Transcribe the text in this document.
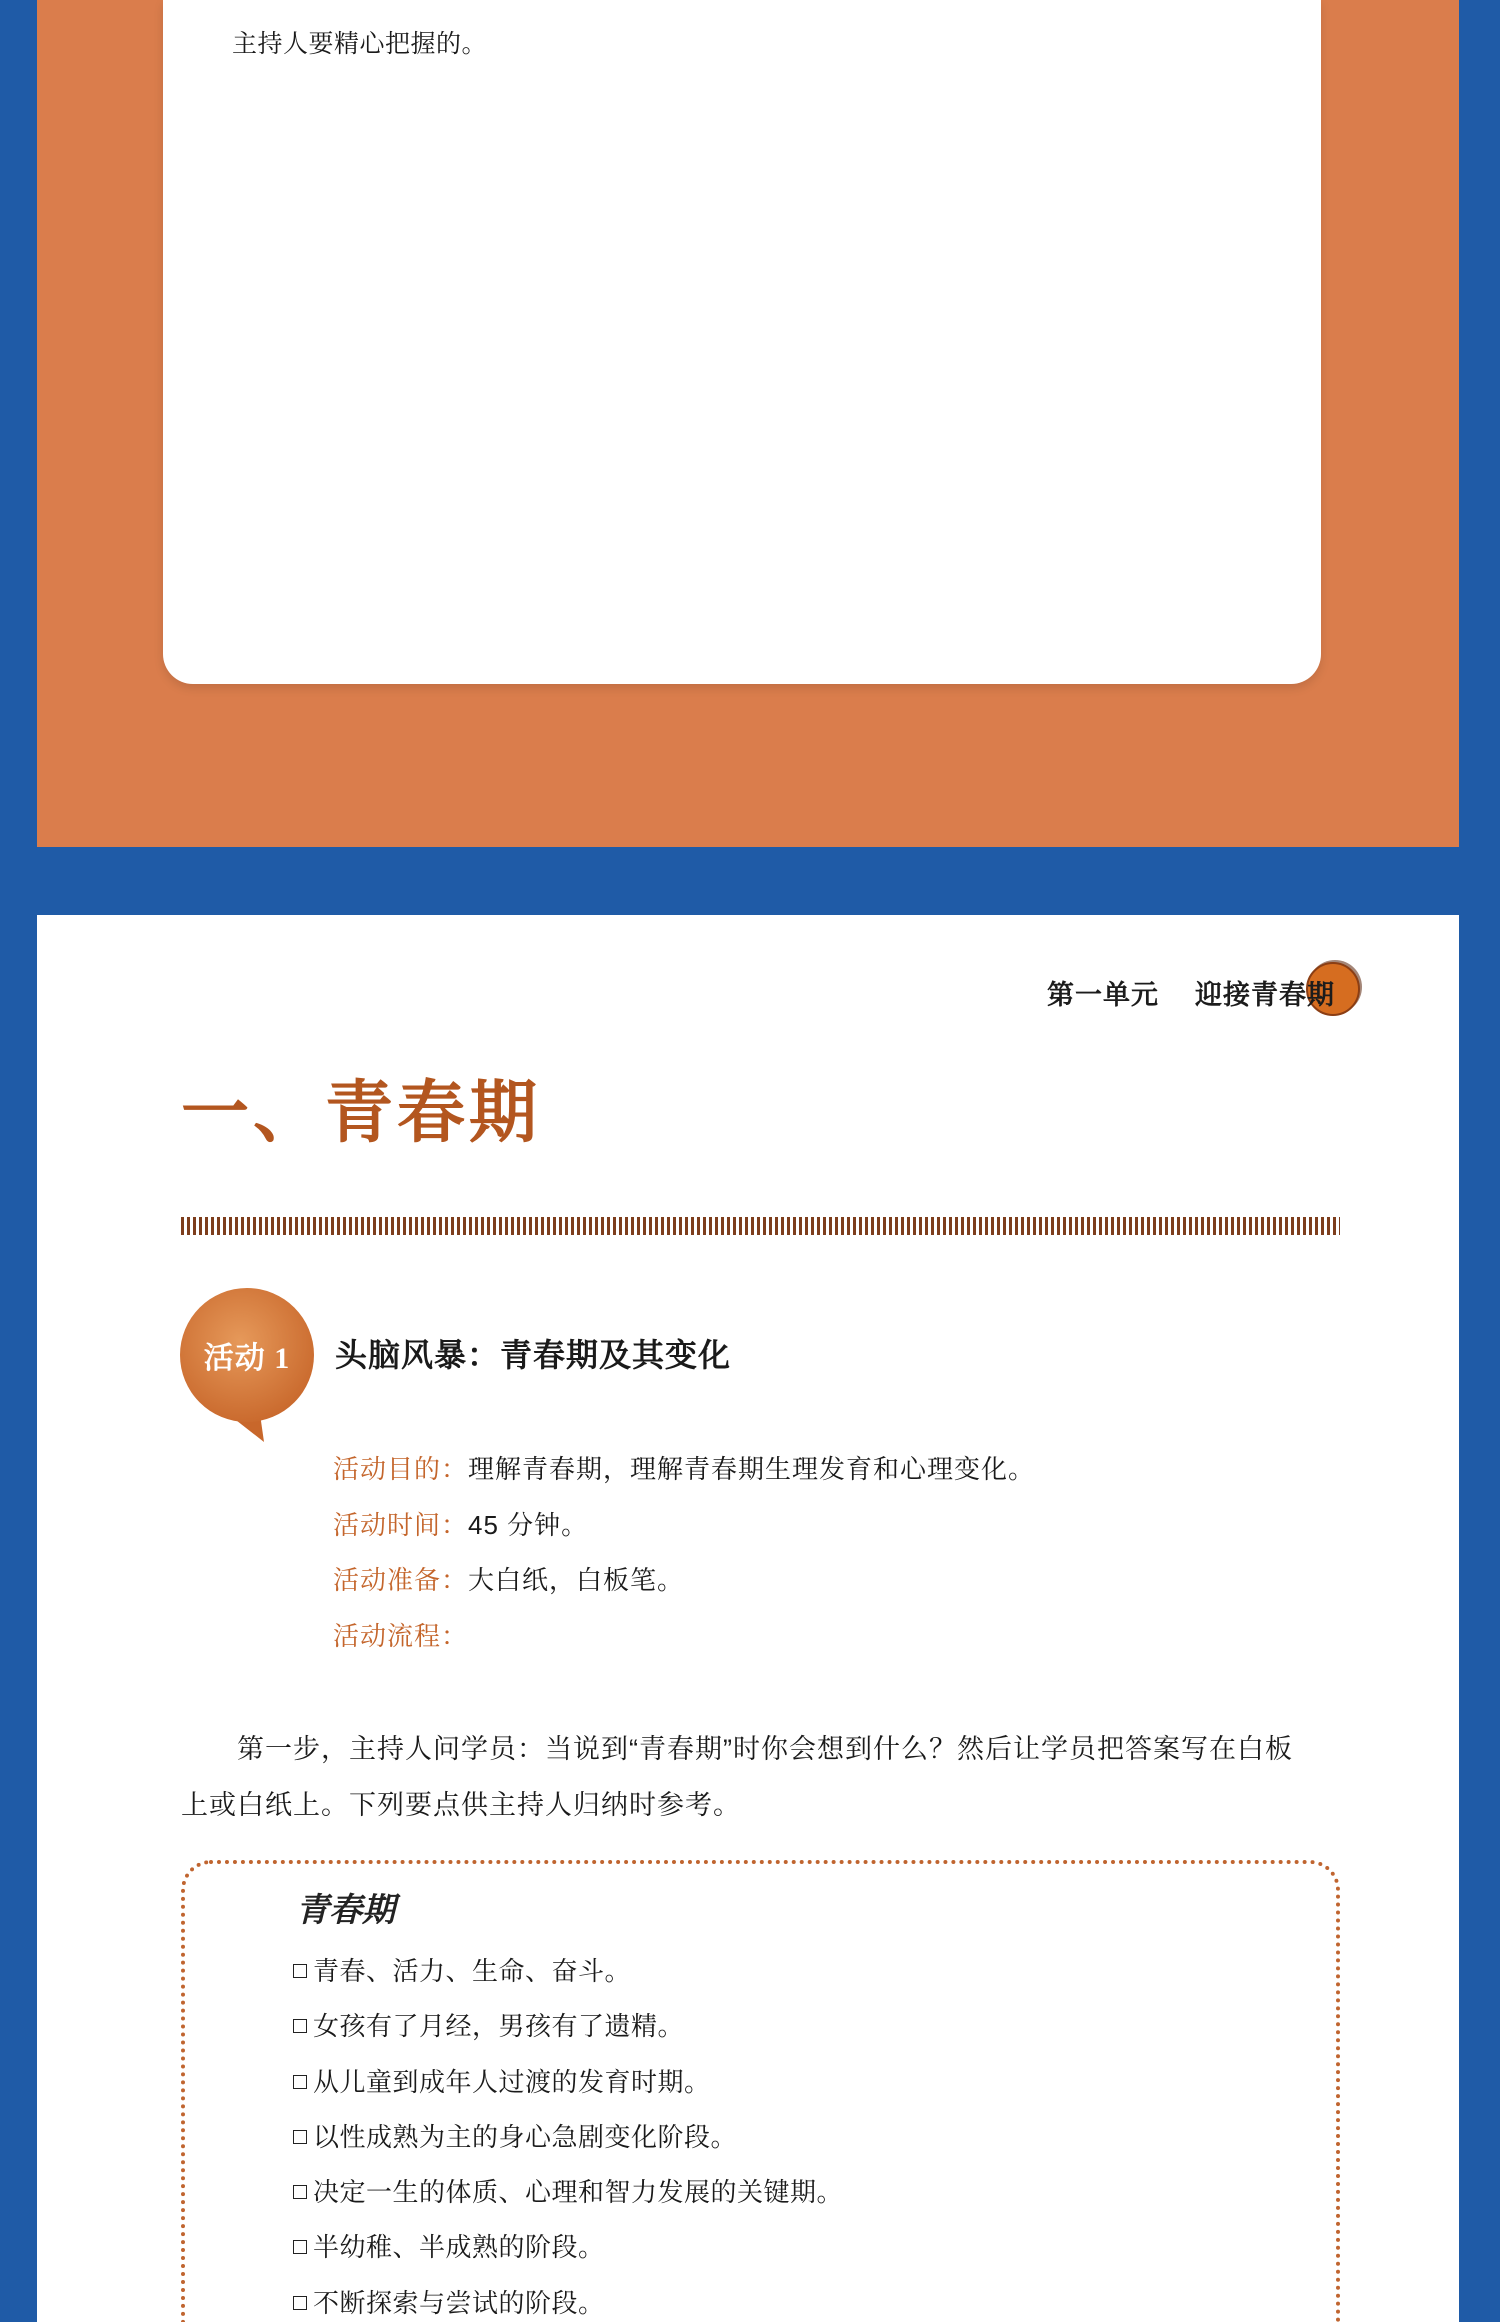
主持人要精心把握的。
第一单元 迎接青春期
一、青春期
活动 1	头脑风暴：青春期及其变化
活动目的：理解青春期，理解青春期生理发育和心理变化。
活动时间：45 分钟。
活动准备：大白纸，白板笔。
活动流程：
第一步，主持人问学员：当说到“青春期”时你会想到什么？然后让学员把答案写在白板
上或白纸上。下列要点供主持人归纳时参考。
青春期
青春、活力、生命、奋斗。
女孩有了月经，男孩有了遗精。
从儿童到成年人过渡的发育时期。
以性成熟为主的身心急剧变化阶段。
决定一生的体质、心理和智力发展的关键期。
半幼稚、半成熟的阶段。
不断探索与尝试的阶段。
